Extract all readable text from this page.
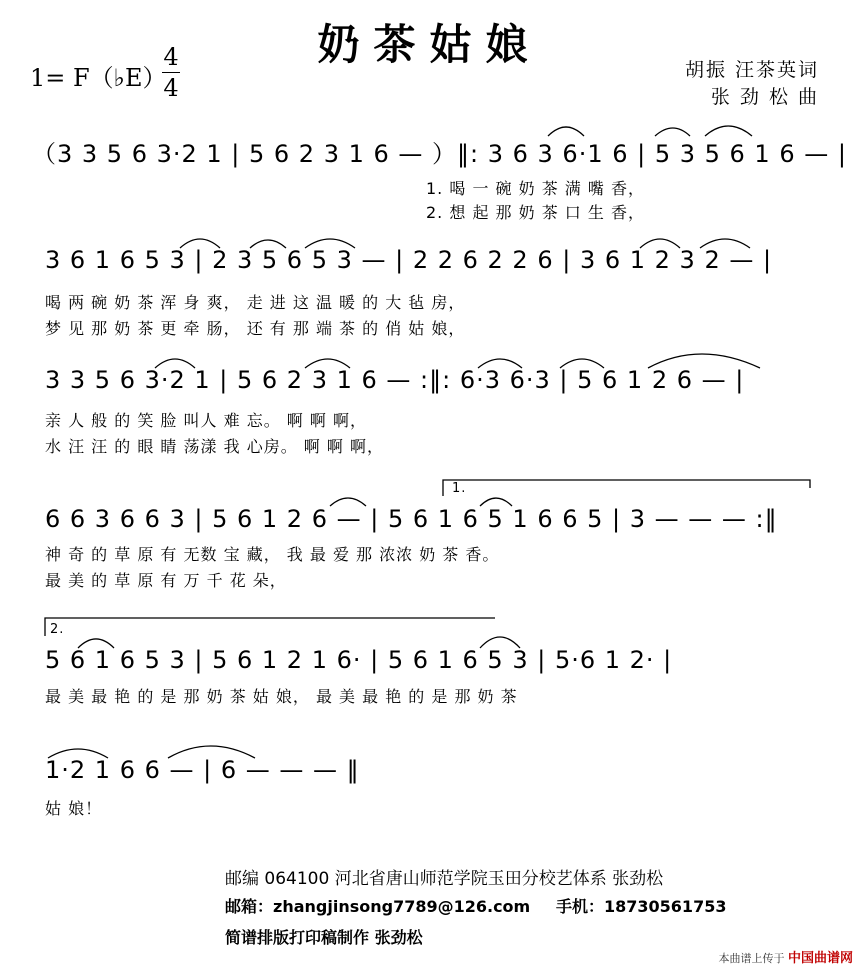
奶茶姑娘
1= F（♭E）
4
4
胡振 汪茶英词
张 劲 松 曲
（3 3 5 6 3·2 1 | 5 6 2 3 1 6 — ）‖: 3 6 3 6·1 6 | 5 3 5 6 1 6 — |
1. 喝 一 碗 奶 茶 满 嘴 香，
2. 想 起 那 奶 茶 口 生 香，
3 6 1 6 5 3 | 2 3 5 6 5 3 — | 2 2 6 2 2 6 | 3 6 1 2 3 2 — |
喝 两 碗 奶 茶 浑 身 爽， 走 进 这 温 暖 的 大 毡 房，
梦 见 那 奶 茶 更 牵 肠， 还 有 那 端 茶 的 俏 姑 娘，
3 3 5 6 3·2 1 | 5 6 2 3 1 6 — :‖: 6·3 6·3 | 5 6 1 2 6 — |
亲 人 般 的 笑 脸 叫人 难 忘。 啊 啊 啊，
水 汪 汪 的 眼 睛 荡漾 我 心房。 啊 啊 啊，
6 6 3 6 6 3 | 5 6 1 2 6 — | 5 6 1 6 5 1 6 6 5 | 3 — — — :‖
神 奇 的 草 原 有 无数 宝 藏， 我 最 爱 那 浓浓 奶 茶 香。
最 美 的 草 原 有 万 千 花 朵，
1.
2.
5 6 1 6 5 3 | 5 6 1 2 1 6· | 5 6 1 6 5 3 | 5·6 1 2· |
最 美 最 艳 的 是 那 奶 茶 姑 娘， 最 美 最 艳 的 是 那 奶 茶
1·2 1 6 6 — | 6 — — — ‖
姑 娘！
邮编 064100 河北省唐山师范学院玉田分校艺体系 张劲松
邮箱：zhangjinsong7789@126.com 手机：18730561753
简谱排版打印稿制作 张劲松
本曲谱上传于 中国曲谱网
